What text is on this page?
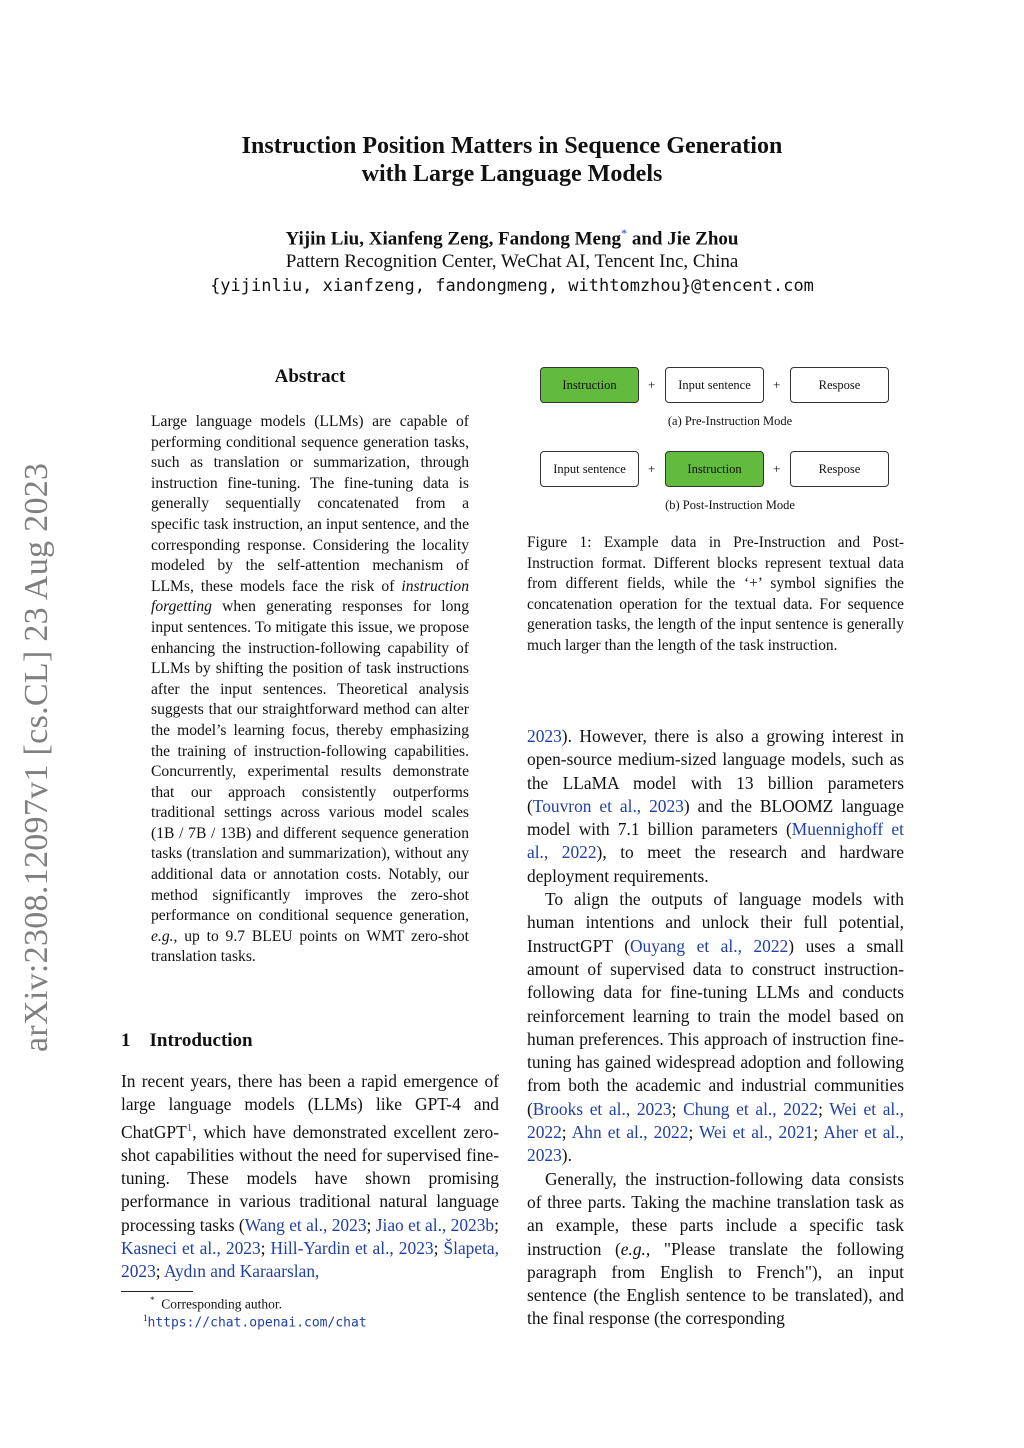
arXiv:2308.12097v1 [cs.CL] 23 Aug 2023
Instruction Position Matters in Sequence Generation
with Large Language Models
Yijin Liu, Xianfeng Zeng, Fandong Meng* and Jie Zhou
Pattern Recognition Center, WeChat AI, Tencent Inc, China
{yijinliu, xianfzeng, fandongmeng, withtomzhou}@tencent.com
Abstract
Large language models (LLMs) are capable of performing conditional sequence generation tasks, such as translation or summarization, through instruction fine-tuning. The fine-tuning data is generally sequentially concatenated from a specific task instruction, an input sentence, and the corresponding response. Considering the locality modeled by the self-attention mechanism of LLMs, these models face the risk of instruction forgetting when generating responses for long input sentences. To mitigate this issue, we propose enhancing the instruction-following capability of LLMs by shifting the position of task instructions after the input sentences. Theoretical analysis suggests that our straightforward method can alter the model’s learning focus, thereby emphasizing the training of instruction-following capabilities. Concurrently, experimental results demonstrate that our approach consistently outperforms traditional settings across various model scales (1B / 7B / 13B) and different sequence generation tasks (translation and summarization), without any additional data or annotation costs. Notably, our method significantly improves the zero-shot performance on conditional sequence generation, e.g., up to 9.7 BLEU points on WMT zero-shot translation tasks.
1 Introduction
In recent years, there has been a rapid emergence of large language models (LLMs) like GPT-4 and ChatGPT$^1$, which have demonstrated excellent zero-shot capabilities without the need for supervised fine-tuning. These models have shown promising performance in various traditional natural language processing tasks (Wang et al., 2023; Jiao et al., 2023b; Kasneci et al., 2023; Hill-Yardin et al., 2023; Šlapeta, 2023; Aydın and Karaarslan,
* Corresponding author.
$^1$https://chat.openai.com/chat
Instruction	+	Input sentence	+	Respose
(a) Pre-Instruction Mode
Input sentence	+	Instruction	+	Respose
(b) Post-Instruction Mode
Figure 1: Example data in Pre-Instruction and Post-Instruction format. Different blocks represent textual data from different fields, while the ‘+’ symbol signifies the concatenation operation for the textual data. For sequence generation tasks, the length of the input sentence is generally much larger than the length of the task instruction.

2023). However, there is also a growing interest in open-source medium-sized language models, such as the LLaMA model with 13 billion parameters (Touvron et al., 2023) and the BLOOMZ language model with 7.1 billion parameters (Muennighoff et al., 2022), to meet the research and hardware deployment requirements.

To align the outputs of language models with human intentions and unlock their full potential, InstructGPT (Ouyang et al., 2022) uses a small amount of supervised data to construct instruction-following data for fine-tuning LLMs and conducts reinforcement learning to train the model based on human preferences. This approach of instruction fine-tuning has gained widespread adoption and following from both the academic and industrial communities (Brooks et al., 2023; Chung et al., 2022; Wei et al., 2022; Ahn et al., 2022; Wei et al., 2021; Aher et al., 2023).

Generally, the instruction-following data consists of three parts. Taking the machine translation task as an example, these parts include a specific task instruction (e.g., "Please translate the following paragraph from English to French"), an input sentence (the English sentence to be translated), and the final response (the corresponding
